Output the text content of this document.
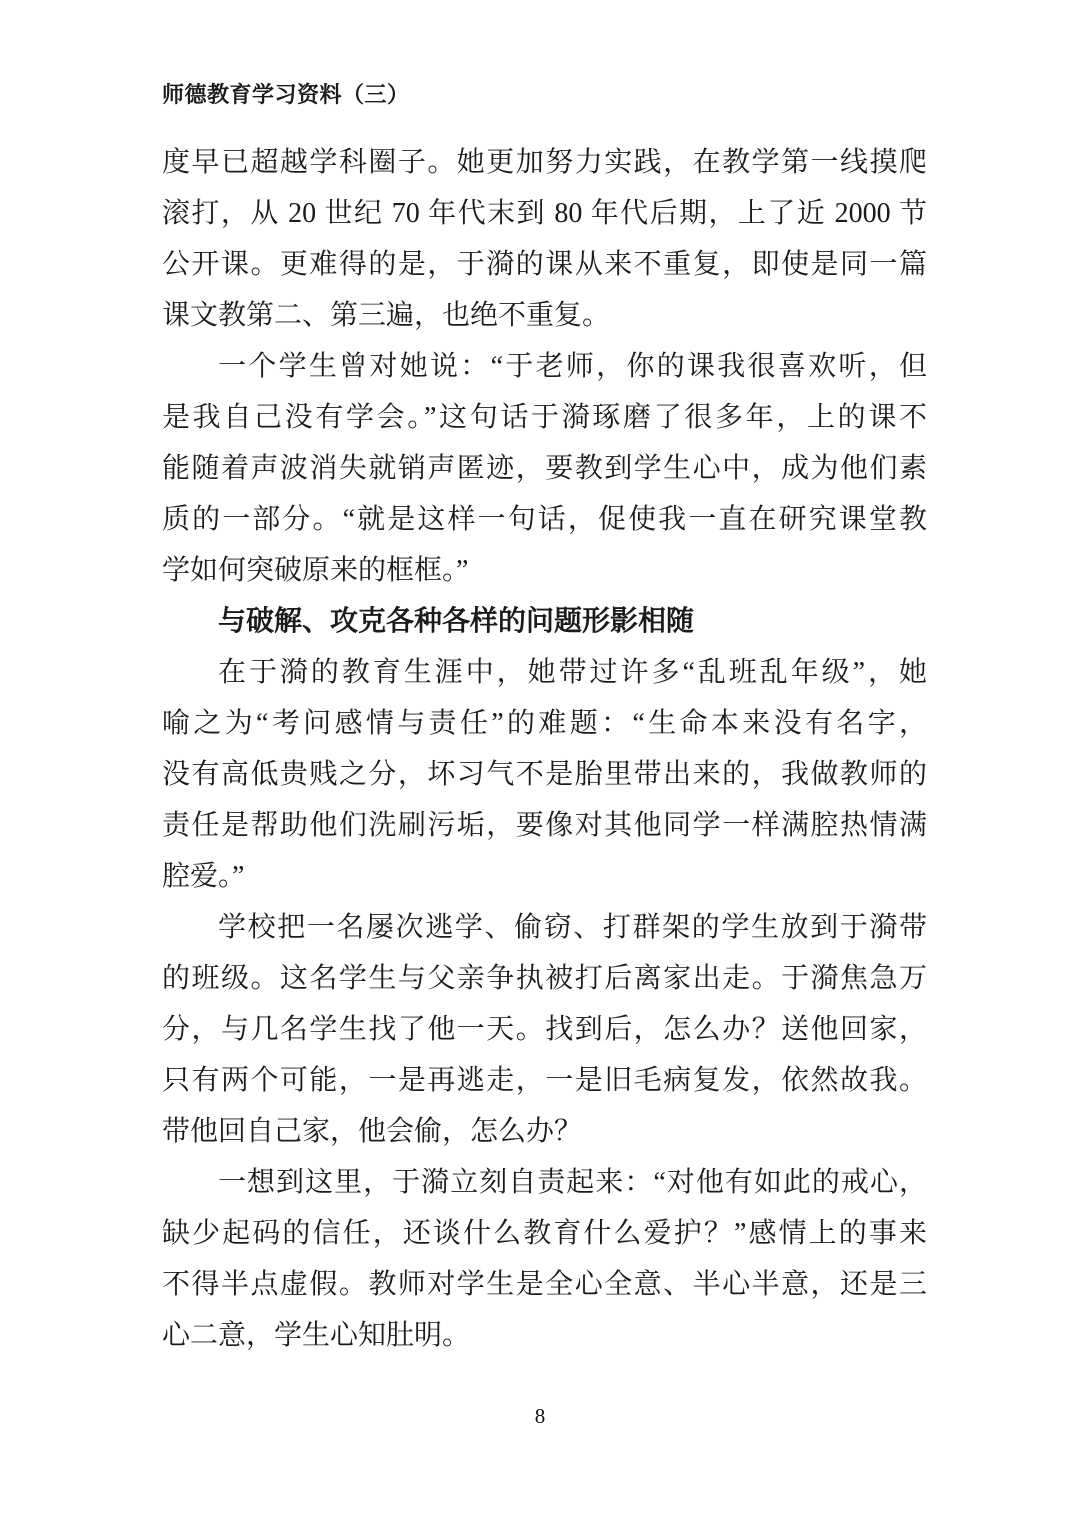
师德教育学习资料（三）
度早已超越学科圈子。她更加努力实践，在教学第一线摸爬
滚打，从 20 世纪 70 年代末到 80 年代后期，上了近 2000 节
公开课。更难得的是，于漪的课从来不重复，即使是同一篇
课文教第二、第三遍，也绝不重复。
一个学生曾对她说：“于老师，你的课我很喜欢听，但
是我自己没有学会。”这句话于漪琢磨了很多年，上的课不
能随着声波消失就销声匿迹，要教到学生心中，成为他们素
质的一部分。“就是这样一句话，促使我一直在研究课堂教
学如何突破原来的框框。”
与破解、攻克各种各样的问题形影相随
在于漪的教育生涯中，她带过许多“乱班乱年级”，她
喻之为“考问感情与责任”的难题：“生命本来没有名字，
没有高低贵贱之分，坏习气不是胎里带出来的，我做教师的
责任是帮助他们洗刷污垢，要像对其他同学一样满腔热情满
腔爱。”
学校把一名屡次逃学、偷窃、打群架的学生放到于漪带
的班级。这名学生与父亲争执被打后离家出走。于漪焦急万
分，与几名学生找了他一天。找到后，怎么办？送他回家，
只有两个可能，一是再逃走，一是旧毛病复发，依然故我。
带他回自己家，他会偷，怎么办？
一想到这里，于漪立刻自责起来：“对他有如此的戒心，
缺少起码的信任，还谈什么教育什么爱护？”感情上的事来
不得半点虚假。教师对学生是全心全意、半心半意，还是三
心二意，学生心知肚明。
8
